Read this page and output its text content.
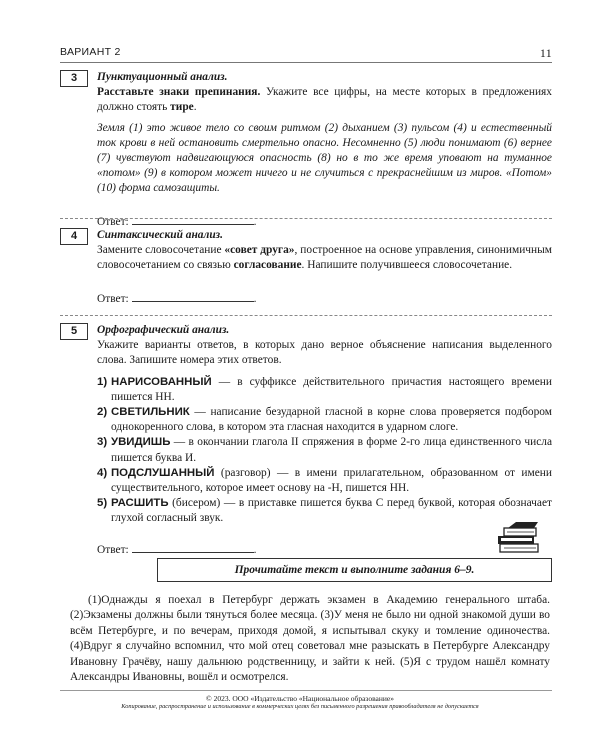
ВАРИАНТ 2	11
3	Пунктуационный анализ.
Расставьте знаки препинания. Укажите все цифры, на месте которых в предложениях должно стоять тире.
Земля (1) это живое тело со своим ритмом (2) дыханием (3) пульсом (4) и естественный ток крови в ней остановить смертельно опасно. Несомненно (5) люди понимают (6) вернее (7) чувствуют надвигающуюся опасность (8) но в то же время уповают на туманное «потом» (9) в котором может ничего и не случиться с прекраснейшим из миров. «Потом» (10) форма самозащиты.
Ответ:	.
4	Синтаксический анализ.
Замените словосочетание «совет друга», построенное на основе управления, синонимичным словосочетанием со связью согласование. Напишите получившееся словосочетание.
Ответ:	.
5	Орфографический анализ.
Укажите варианты ответов, в которых дано верное объяснение написания выделенного слова. Запишите номера этих ответов.
1) НАРИСОВАННЫЙ — в суффиксе действительного причастия настоящего времени пишется НН.
2) СВЕТИЛЬНИК — написание безударной гласной в корне слова проверяется подбором однокоренного слова, в котором эта гласная находится в ударном слоге.
3) УВИДИШЬ — в окончании глагола II спряжения в форме 2-го лица единственного числа пишется буква И.
4) ПОДСЛУШАННЫЙ (разговор) — в имени прилагательном, образованном от имени существительного, которое имеет основу на -Н, пишется НН.
5) РАСШИТЬ (бисером) — в приставке пишется буква С перед буквой, которая обозначает глухой согласный звук.
Ответ:	.
Прочитайте текст и выполните задания 6–9.
(1)Однажды я поехал в Петербург держать экзамен в Академию генерального штаба. (2)Экзамены должны были тянуться более месяца. (3)У меня не было ни одной знакомой души во всём Петербурге, и по вечерам, приходя домой, я испытывал скуку и томление одиночества. (4)Вдруг я случайно вспомнил, что мой отец советовал мне разыскать в Петербурге Александру Ивановну Грачёву, нашу дальнюю родственницу, и зайти к ней. (5)Я с трудом нашёл комнату Александры Ивановны, вошёл и осмотрелся.
© 2023. ООО «Издательство «Национальное образование»
Копирование, распространение и использование в коммерческих целях без письменного разрешения правообладателя не допускается
